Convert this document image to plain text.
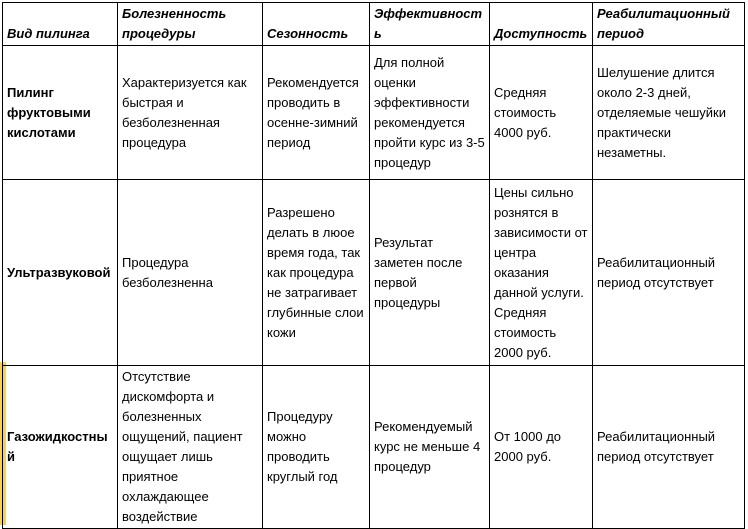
Вид пилинга	Болезненность процедуры	Сезонность	Эффективность	Доступность	Реабилитационный период
Пилинг фруктовыми кислотами	Характеризуется как быстрая и безболезненная процедура	Рекомендуется проводить в осенне-зимний период	Для полной оценки эффективности рекомендуется пройти курс из 3-5 процедур	Средняя стоимость 4000 руб.	Шелушение длится около 2-3 дней, отделяемые чешуйки практически незаметны.
Ультразвуковой	Процедура безболезненна	Разрешено делать в люое время года, так как процедура не затрагивает глубинные слои кожи	Результат заметен после первой процедуры	Цены сильно рознятся в зависимости от центра оказания данной услуги. Средняя стоимость 2000 руб.	Реабилитационный период отсутствует
Газожидкостный	Отсутствие дискомфорта и болезненных ощущений, пациент ощущает лишь приятное охлаждающее воздействие	Процедуру можно проводить круглый год	Рекомендуемый курс не меньше 4 процедур	От 1000 до 2000 руб.	Реабилитационный период отсутствует
